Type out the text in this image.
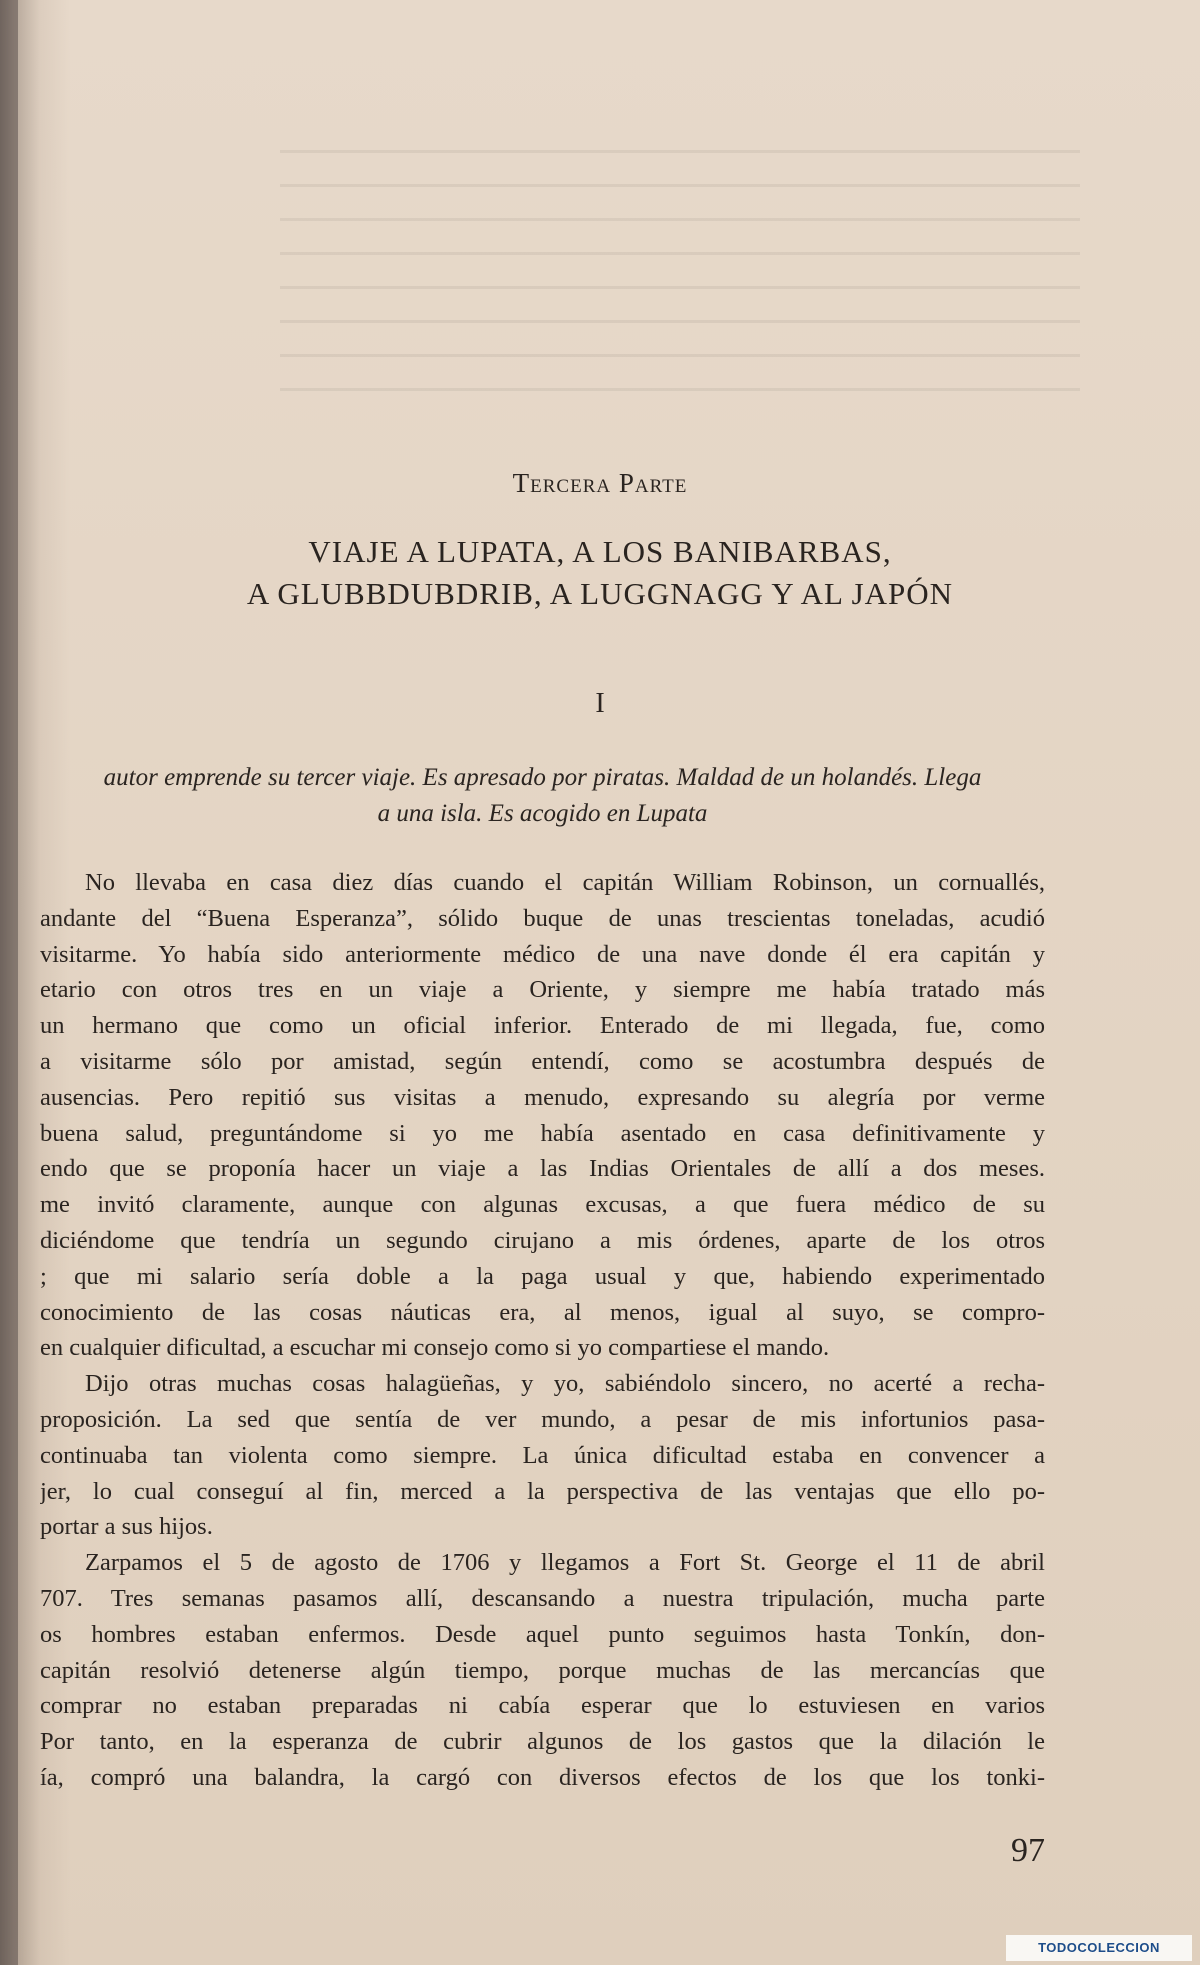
Tercera Parte
VIAJE A LUPATA, A LOS BANIBARBAS,
A GLUBBDUBDRIB, A LUGGNAGG Y AL JAPÓN
I
autor emprende su tercer viaje. Es apresado por piratas. Maldad de un holandés. Llega
a una isla. Es acogido en Lupata
No llevaba en casa diez días cuando el capitán William Robinson, un cornuallés,
andante del “Buena Esperanza”, sólido buque de unas trescientas toneladas, acudió
visitarme. Yo había sido anteriormente médico de una nave donde él era capitán y
etario con otros tres en un viaje a Oriente, y siempre me había tratado más
un hermano que como un oficial inferior. Enterado de mi llegada, fue, como
a visitarme sólo por amistad, según entendí, como se acostumbra después de
ausencias. Pero repitió sus visitas a menudo, expresando su alegría por verme
buena salud, preguntándome si yo me había asentado en casa definitivamente y
endo que se proponía hacer un viaje a las Indias Orientales de allí a dos meses.
me invitó claramente, aunque con algunas excusas, a que fuera médico de su
diciéndome que tendría un segundo cirujano a mis órdenes, aparte de los otros
; que mi salario sería doble a la paga usual y que, habiendo experimentado
conocimiento de las cosas náuticas era, al menos, igual al suyo, se compro-
en cualquier dificultad, a escuchar mi consejo como si yo compartiese el mando.
Dijo otras muchas cosas halagüeñas, y yo, sabiéndolo sincero, no acerté a recha-
proposición. La sed que sentía de ver mundo, a pesar de mis infortunios pasa-
continuaba tan violenta como siempre. La única dificultad estaba en convencer a
jer, lo cual conseguí al fin, merced a la perspectiva de las ventajas que ello po-
portar a sus hijos.
Zarpamos el 5 de agosto de 1706 y llegamos a Fort St. George el 11 de abril
707. Tres semanas pasamos allí, descansando a nuestra tripulación, mucha parte
os hombres estaban enfermos. Desde aquel punto seguimos hasta Tonkín, don-
capitán resolvió detenerse algún tiempo, porque muchas de las mercancías que
comprar no estaban preparadas ni cabía esperar que lo estuviesen en varios
Por tanto, en la esperanza de cubrir algunos de los gastos que la dilación le
ía, compró una balandra, la cargó con diversos efectos de los que los tonki-
97
TODOCOLECCION
